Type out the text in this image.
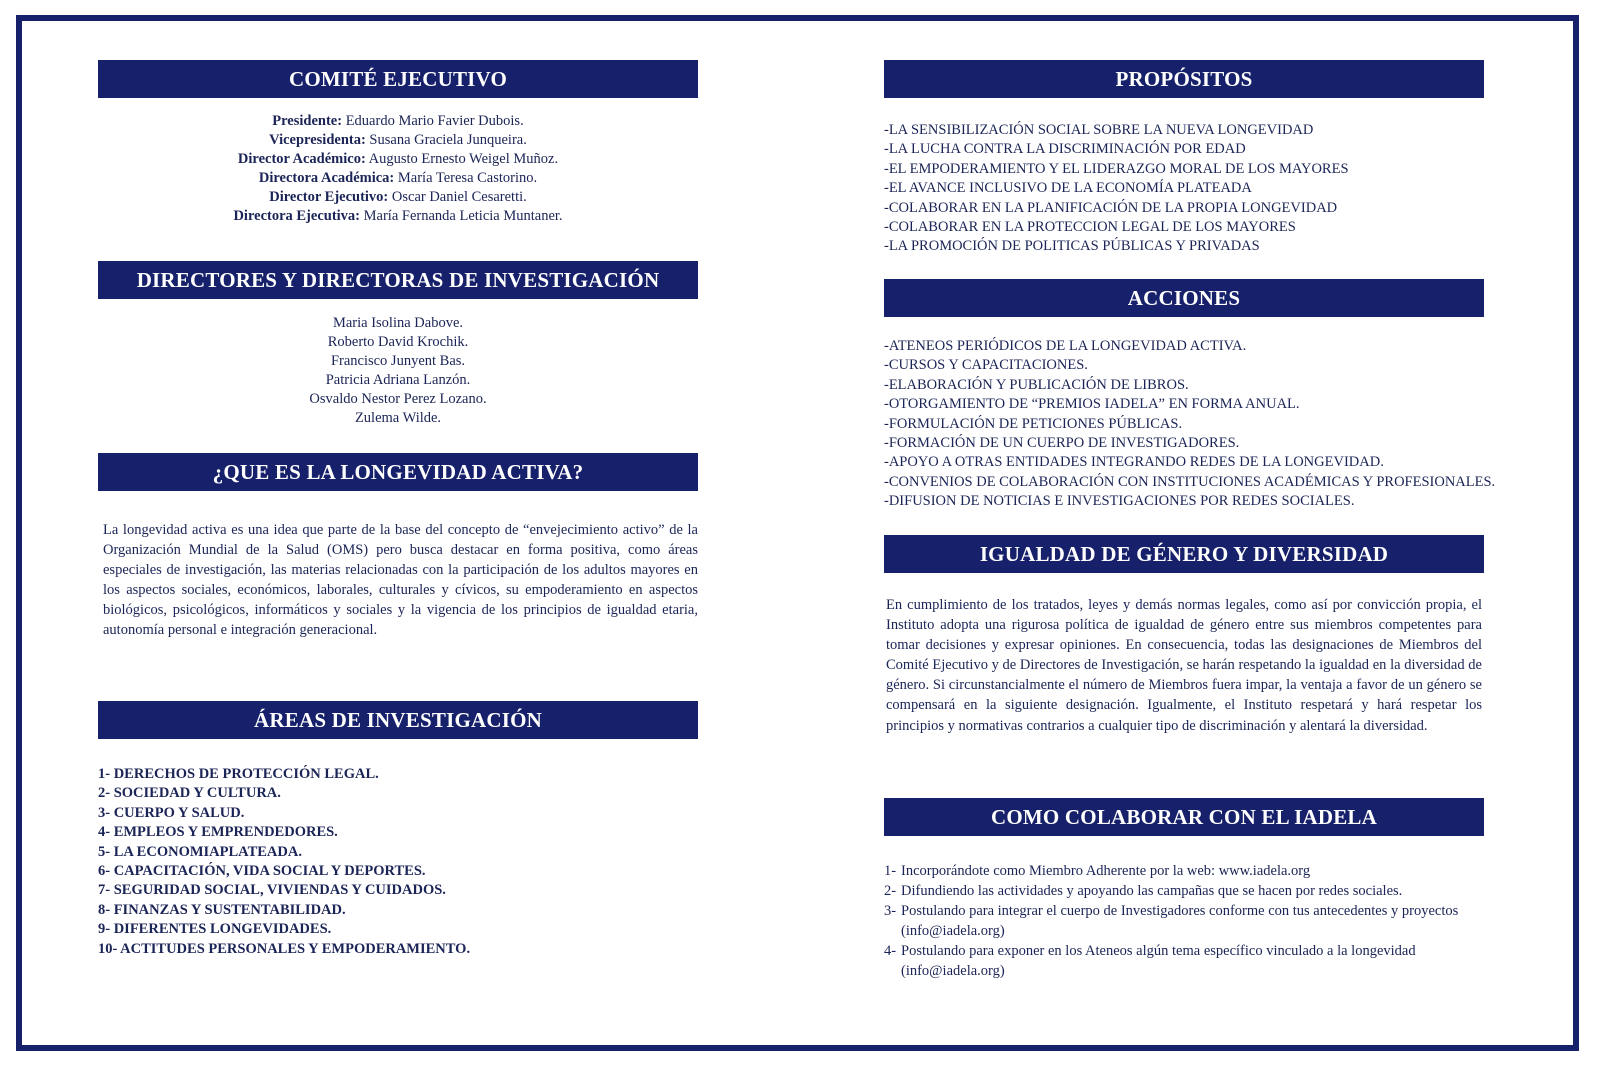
COMITÉ EJECUTIVO
Presidente: Eduardo Mario Favier Dubois.
Vicepresidenta: Susana Graciela Junqueira.
Director Académico: Augusto Ernesto Weigel Muñoz.
Directora Académica: María Teresa Castorino.
Director Ejecutivo: Oscar Daniel Cesaretti.
Directora Ejecutiva: María Fernanda Leticia Muntaner.
DIRECTORES Y DIRECTORAS DE INVESTIGACIÓN
Maria Isolina Dabove.
Roberto David Krochik.
Francisco Junyent Bas.
Patricia Adriana Lanzón.
Osvaldo Nestor Perez Lozano.
Zulema Wilde.
¿QUE ES LA LONGEVIDAD ACTIVA?
La longevidad activa es una idea que parte de la base del concepto de “envejecimiento activo” de la Organización Mundial de la Salud (OMS) pero busca destacar en forma positiva, como áreas especiales de investigación, las materias relacionadas con la participación de los adultos mayores en los aspectos sociales, económicos, laborales, culturales y cívicos, su empoderamiento en aspectos biológicos, psicológicos, informáticos y sociales y la vigencia de los principios de igualdad etaria, autonomía personal e integración generacional.
ÁREAS DE INVESTIGACIÓN
1- DERECHOS DE PROTECCIÓN LEGAL.
2- SOCIEDAD Y CULTURA.
3- CUERPO Y SALUD.
4- EMPLEOS Y EMPRENDEDORES.
5- LA ECONOMIAPLATEADA.
6- CAPACITACIÓN, VIDA SOCIAL Y DEPORTES.
7- SEGURIDAD SOCIAL, VIVIENDAS Y CUIDADOS.
8- FINANZAS Y SUSTENTABILIDAD.
9- DIFERENTES LONGEVIDADES.
10- ACTITUDES PERSONALES Y EMPODERAMIENTO.
PROPÓSITOS
-LA SENSIBILIZACIÓN SOCIAL SOBRE LA NUEVA LONGEVIDAD
-LA LUCHA CONTRA LA DISCRIMINACIÓN POR EDAD
-EL EMPODERAMIENTO Y EL LIDERAZGO MORAL DE LOS MAYORES
-EL AVANCE INCLUSIVO DE LA ECONOMÍA PLATEADA
-COLABORAR EN LA PLANIFICACIÓN DE LA PROPIA LONGEVIDAD
-COLABORAR EN LA PROTECCION LEGAL DE LOS MAYORES
-LA PROMOCIÓN DE POLITICAS PÚBLICAS Y PRIVADAS
ACCIONES
-ATENEOS PERIÓDICOS DE LA LONGEVIDAD ACTIVA.
-CURSOS Y CAPACITACIONES.
-ELABORACIÓN Y PUBLICACIÓN DE LIBROS.
-OTORGAMIENTO DE “PREMIOS IADELA” EN FORMA ANUAL.
-FORMULACIÓN DE PETICIONES PÚBLICAS.
-FORMACIÓN DE UN CUERPO DE INVESTIGADORES.
-APOYO A OTRAS ENTIDADES INTEGRANDO REDES DE LA LONGEVIDAD.
-CONVENIOS DE COLABORACIÓN CON INSTITUCIONES ACADÉMICAS Y PROFESIONALES.
-DIFUSION DE NOTICIAS E INVESTIGACIONES POR REDES SOCIALES.
IGUALDAD DE GÉNERO Y DIVERSIDAD
En cumplimiento de los tratados, leyes y demás normas legales, como así por convicción propia, el Instituto adopta una rigurosa política de igualdad de género entre sus miembros competentes para tomar decisiones y expresar opiniones. En consecuencia, todas las designaciones de Miembros del Comité Ejecutivo y de Directores de Investigación, se harán respetando la igualdad en la diversidad de género. Si circunstancialmente el número de Miembros fuera impar, la ventaja a favor de un género se compensará en la siguiente designación. Igualmente, el Instituto respetará y hará respetar los principios y normativas contrarios a cualquier tipo de discriminación y alentará la diversidad.
COMO COLABORAR CON EL IADELA
1- Incorporándote como Miembro Adherente por la web: www.iadela.org
2- Difundiendo las actividades y apoyando las campañas que se hacen por redes sociales.
3- Postulando para integrar el cuerpo de Investigadores conforme con tus antecedentes y proyectos (info@iadela.org)
4- Postulando para exponer en los Ateneos algún tema específico vinculado a la longevidad (info@iadela.org)
